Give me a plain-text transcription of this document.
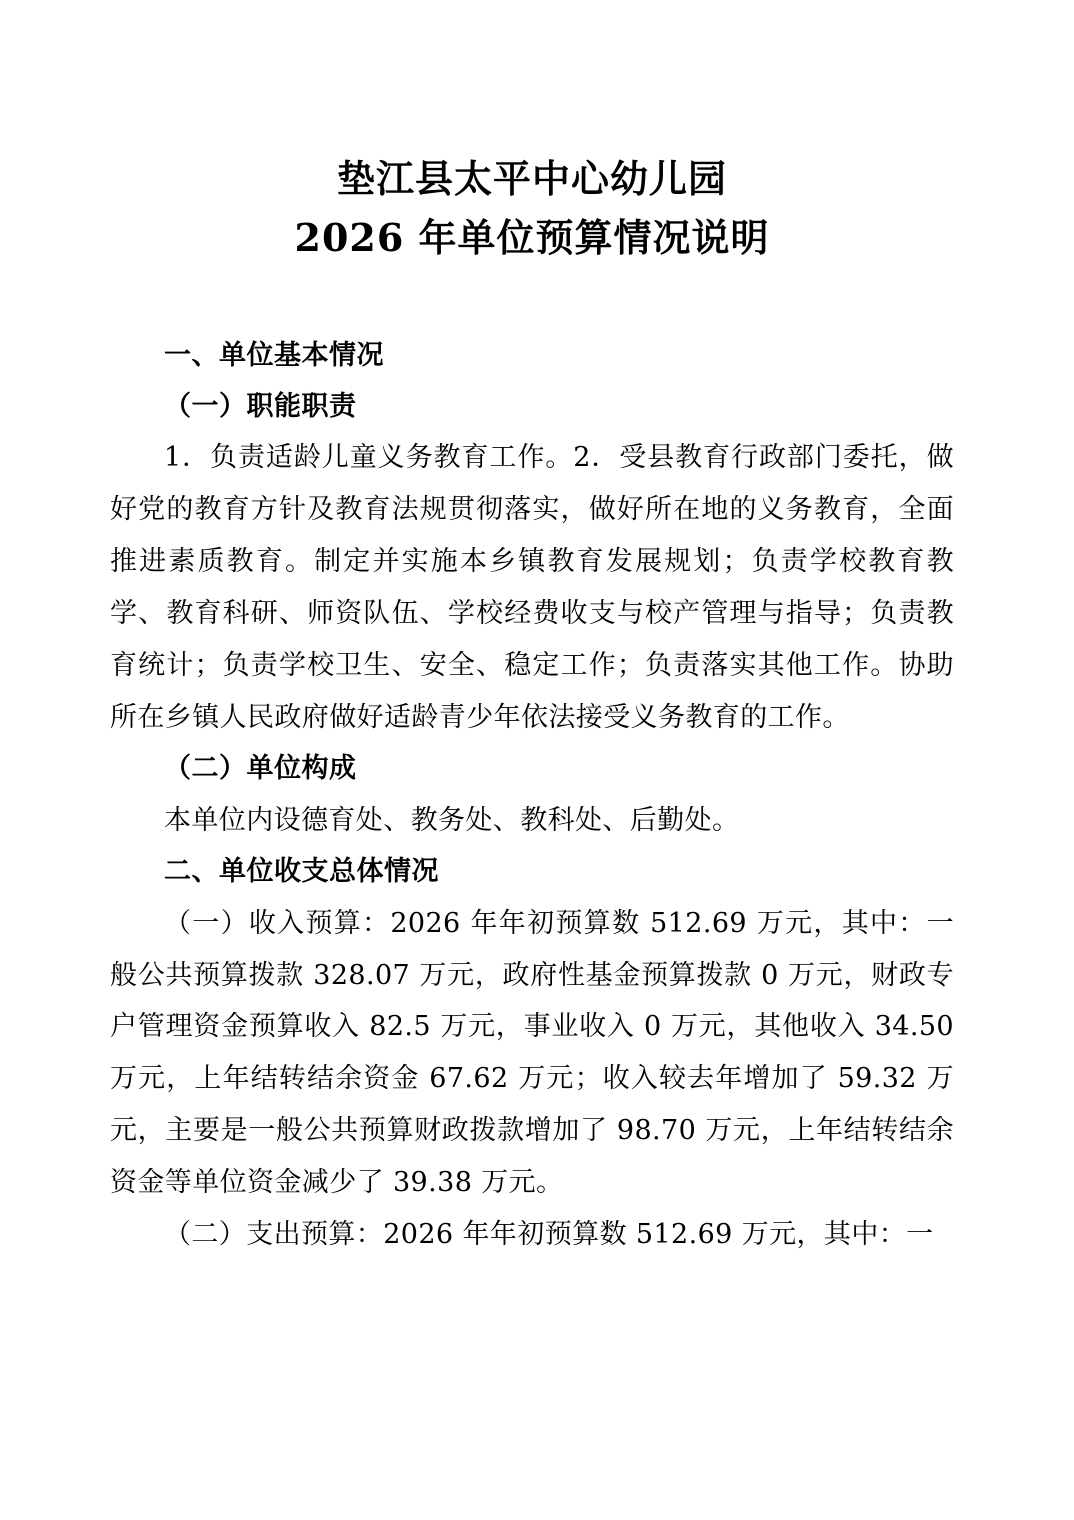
垫江县太平中心幼儿园
2026 年单位预算情况说明
一、单位基本情况
（一）职能职责

1．负责适龄儿童义务教育工作。2．受县教育行政部门委托，做好党的教育方针及教育法规贯彻落实，做好所在地的义务教育，全面推进素质教育。制定并实施本乡镇教育发展规划；负责学校教育教学、教育科研、师资队伍、学校经费收支与校产管理与指导；负责教育统计；负责学校卫生、安全、稳定工作；负责落实其他工作。协助所在乡镇人民政府做好适龄青少年依法接受义务教育的工作。

（二）单位构成

本单位内设德育处、教务处、教科处、后勤处。

二、单位收支总体情况

（一）收入预算：2026 年年初预算数 512.69 万元，其中：一般公共预算拨款 328.07 万元，政府性基金预算拨款 0 万元，财政专户管理资金预算收入 82.5 万元，事业收入 0 万元，其他收入 34.50 万元，上年结转结余资金 67.62 万元；收入较去年增加了 59.32 万元，主要是一般公共预算财政拨款增加了 98.70 万元，上年结转结余资金等单位资金减少了 39.38 万元。

（二）支出预算：2026 年年初预算数 512.69 万元，其中：一
